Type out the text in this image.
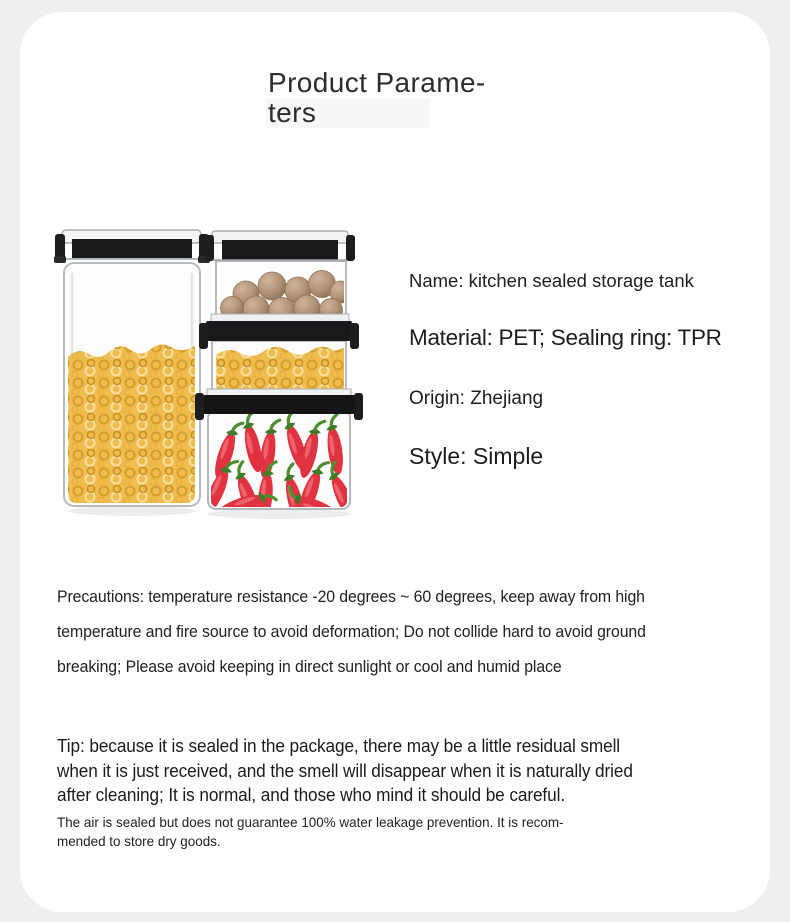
Product Parame-
ters
Name: kitchen sealed storage tank
Material: PET; Sealing ring: TPR
Origin: Zhejiang
Style: Simple
Precautions: temperature resistance -20 degrees ~ 60 degrees, keep away from high
temperature and fire source to avoid deformation; Do not collide hard to avoid ground
breaking; Please avoid keeping in direct sunlight or cool and humid place
Tip: because it is sealed in the package, there may be a little residual smell
when it is just received, and the smell will disappear when it is naturally dried
after cleaning; It is normal, and those who mind it should be careful.
The air is sealed but does not guarantee 100% water leakage prevention. It is recom-
mended to store dry goods.
